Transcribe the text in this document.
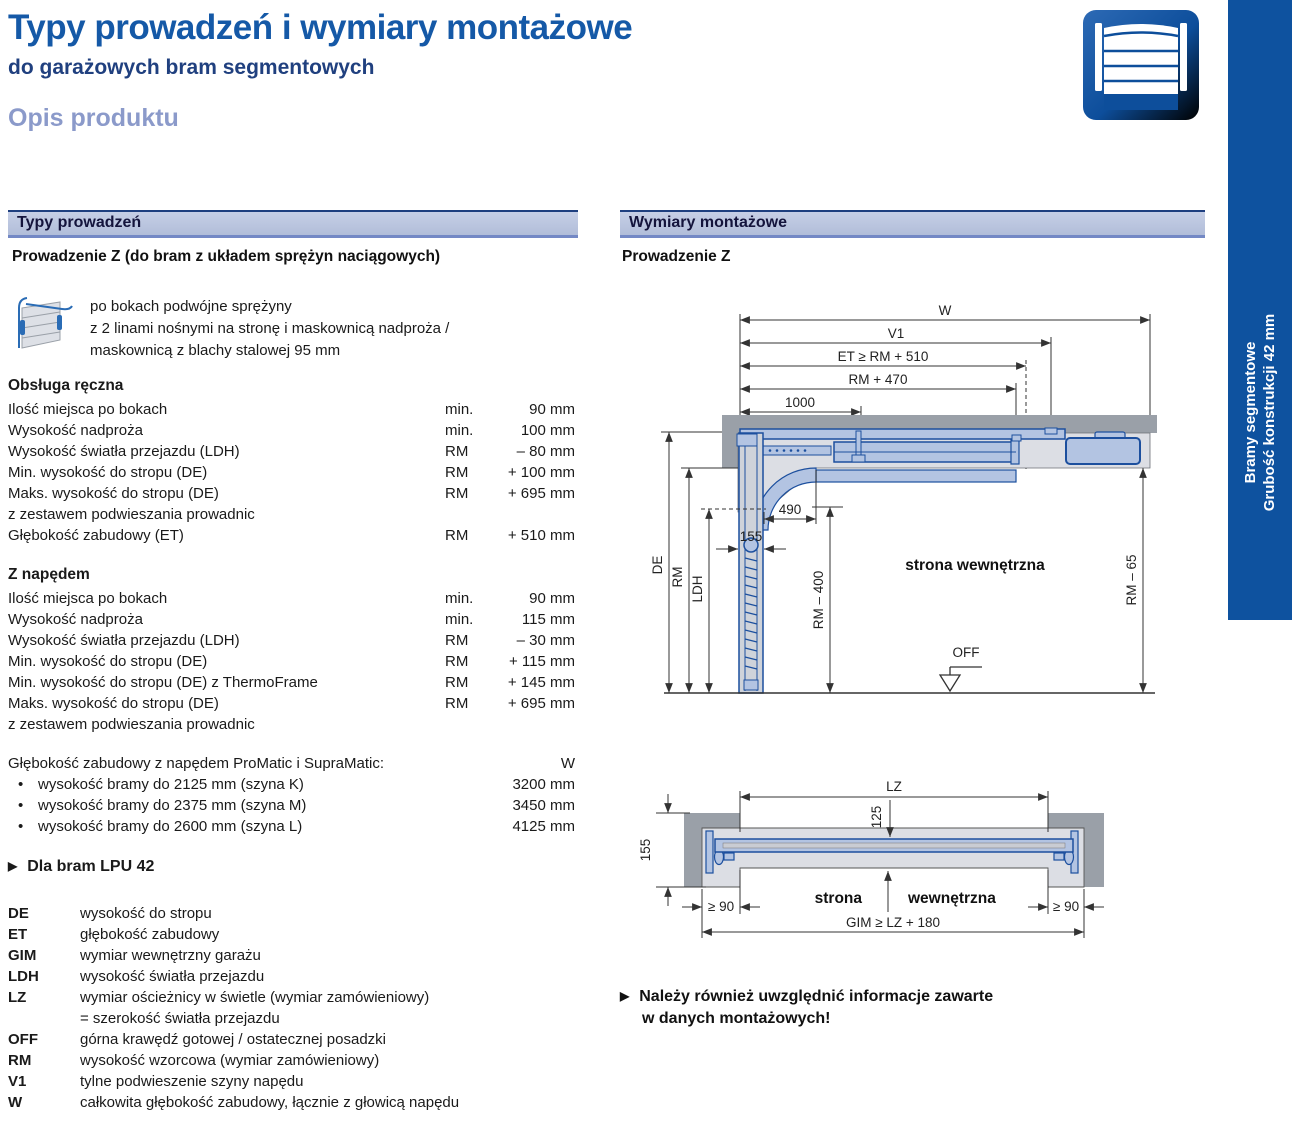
Typy prowadzeń i wymiary montażowe
do garażowych bram segmentowych
Opis produktu
Bramy segmentowe Grubość konstrukcji 42 mm
Typy prowadzeń
Prowadzenie Z (do bram z układem sprężyn naciągowych)
po bokach podwójne sprężyny
z 2 linami nośnymi na stronę i maskownicą nadproża /
maskownicą z blachy stalowej 95 mm
Obsługa ręczna
Ilość miejsca po bokach	min.	90 mm
Wysokość nadproża	min.	100 mm
Wysokość światła przejazdu (LDH)	RM	– 80 mm
Min. wysokość do stropu (DE)	RM	+ 100 mm
Maks. wysokość do stropu (DE)	RM	+ 695 mm
z zestawem podwieszania prowadnic
Głębokość zabudowy (ET)	RM	+ 510 mm
Z napędem
Ilość miejsca po bokach	min.	90 mm
Wysokość nadproża	min.	115 mm
Wysokość światła przejazdu (LDH)	RM	– 30 mm
Min. wysokość do stropu (DE)	RM	+ 115 mm
Min. wysokość do stropu (DE) z ThermoFrame	RM	+ 145 mm
Maks. wysokość do stropu (DE)	RM	+ 695 mm
z zestawem podwieszania prowadnic
Głębokość zabudowy z napędem ProMatic i SupraMatic:	W
• wysokość bramy do 2125 mm (szyna K)	3200 mm
• wysokość bramy do 2375 mm (szyna M)	3450 mm
• wysokość bramy do 2600 mm (szyna L)	4125 mm
▶ Dla bram LPU 42
DE	wysokość do stropu
ET	głębokość zabudowy
GIM	wymiar wewnętrzny garażu
LDH	wysokość światła przejazdu
LZ	wymiar ościeżnicy w świetle (wymiar zamówieniowy)
= szerokość światła przejazdu
OFF	górna krawędź gotowej / ostatecznej posadzki
RM	wysokość wzorcowa (wymiar zamówieniowy)
V1	tylne podwieszenie szyny napędu
W	całkowita głębokość zabudowy, łącznie z głowicą napędu
Wymiary montażowe
Prowadzenie Z
W
V1
ET ≥ RM + 510
RM + 470
1000
490
155
DE
RM LDH	RM – 400	RM – 65
OFF
strona wewnętrzna
LZ
125
155
≥ 90	≥ 90
GIM ≥ LZ + 180
strona	wewnętrzna
▶ Należy również uwzględnić informacje zawarte
w danych montażowych!
